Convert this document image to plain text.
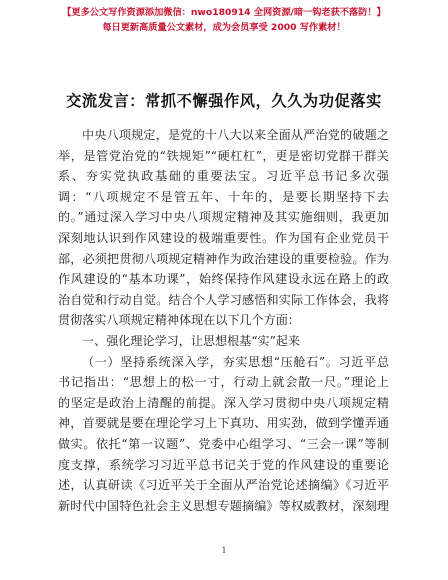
【更多公文写作资源添加微信：nwo180914 全网资源/暗一钩老获不落防！】
每日更新高质量公文素材，成为会员享受 2000 写作素材！
交流发言：常抓不懈强作风，久久为功促落实
中央八项规定，是党的十八大以来全面从严治党的破题之
举，是管党治党的“铁规矩”“硬杠杠”，更是密切党群干群关
系、夯实党执政基础的重要法宝。习近平总书记多次强
调：“八项规定不是管五年、十年的，是要长期坚持下去
的。”通过深入学习中央八项规定精神及其实施细则，我更加
深刻地认识到作风建设的极端重要性。作为国有企业党员干
部，必须把贯彻八项规定精神作为政治建设的重要检验。作为
作风建设的“基本功课”，始终保持作风建设永远在路上的政
治自觉和行动自觉。结合个人学习感悟和实际工作体会，我将
贯彻落实八项规定精神体现在以下几个方面：
一、强化理论学习，让思想根基“实”起来
（一）坚持系统深入学，夯实思想“压舱石”。习近平总
书记指出：“思想上的松一寸，行动上就会散一尺。”理论上
的坚定是政治上清醒的前提。深入学习贯彻中央八项规定精
神，首要就是要在理论学习上下真功、用实劲，做到学懂弄通
做实。依托“第一议题”、党委中心组学习、“三会一课”等制
度支撑，系统学习习近平总书记关于党的作风建设的重要论
述，认真研读《习近平关于全面从严治党论述摘编》《习近平
新时代中国特色社会主义思想专题摘编》等权威教材，深刻理
1
